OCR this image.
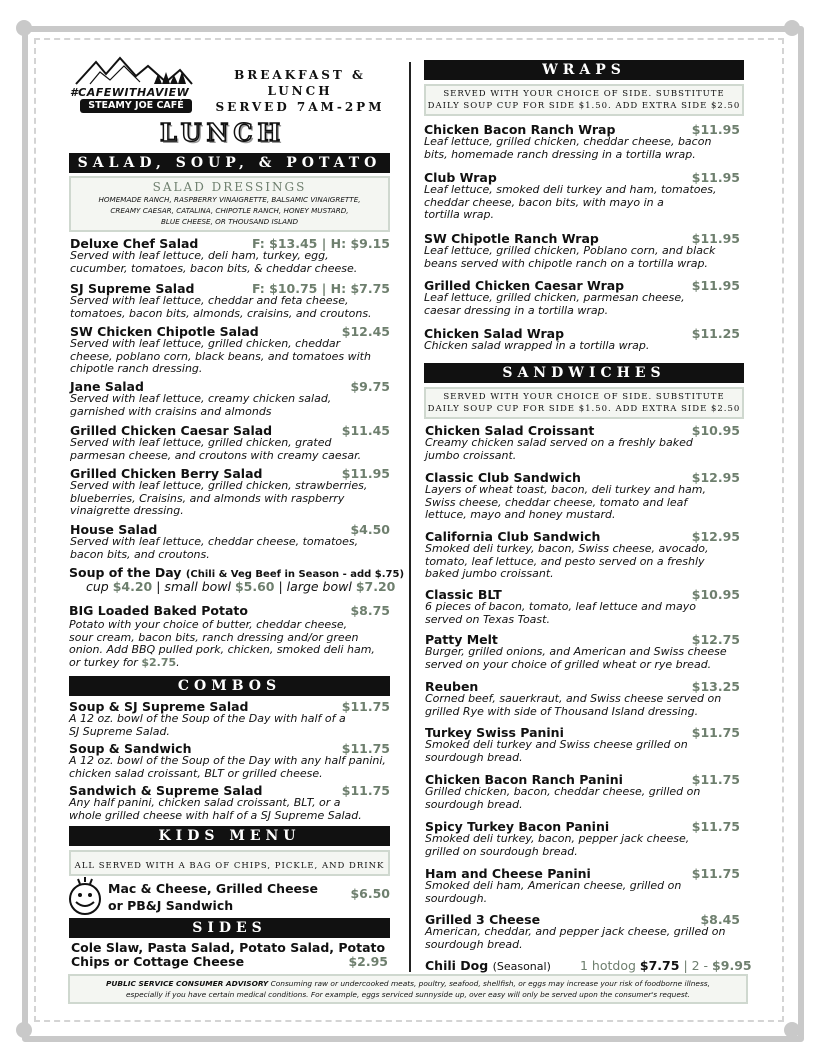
#CAFEWITHAVIEW
STEAMY JOE CAFÉ
BREAKFAST & LUNCH
SERVED 7AM-2PM
LUNCH
SALAD, SOUP, & POTATO
SALAD DRESSINGS
HOMEMADE RANCH, RASPBERRY VINAIGRETTE, BALSAMIC VINAIGRETTE,
CREAMY CAESAR, CATALINA, CHIPOTLE RANCH, HONEY MUSTARD,
BLUE CHEESE, OR THOUSAND ISLAND
Deluxe Chef Salad	F: $13.45 | H: $9.15
Served with leaf lettuce, deli ham, turkey, egg,
cucumber, tomatoes, bacon bits, & cheddar cheese.
SJ Supreme Salad	F: $10.75 | H: $7.75
Served with leaf lettuce, cheddar and feta cheese,
tomatoes, bacon bits, almonds, craisins, and croutons.
SW Chicken Chipotle Salad	$12.45
Served with leaf lettuce, grilled chicken, cheddar
cheese, poblano corn, black beans, and tomatoes with
chipotle ranch dressing.
Jane Salad	$9.75
Served with leaf lettuce, creamy chicken salad,
garnished with craisins and almonds
Grilled Chicken Caesar Salad	$11.45
Served with leaf lettuce, grilled chicken, grated
parmesan cheese, and croutons with creamy caesar.
Grilled Chicken Berry Salad	$11.95
Served with leaf lettuce, grilled chicken, strawberries,
blueberries, Craisins, and almonds with raspberry
vinaigrette dressing.
House Salad	$4.50
Served with leaf lettuce, cheddar cheese, tomatoes,
bacon bits, and croutons.
Soup of the Day (Chili & Veg Beef in Season - add $.75)
cup $4.20 | small bowl $5.60 | large bowl $7.20
BIG Loaded Baked Potato	$8.75
Potato with your choice of butter, cheddar cheese,
sour cream, bacon bits, ranch dressing and/or green
onion. Add BBQ pulled pork, chicken, smoked deli ham,
or turkey for $2.75.
COMBOS
Soup & SJ Supreme Salad	$11.75
A 12 oz. bowl of the Soup of the Day with half of a
SJ Supreme Salad.
Soup & Sandwich	$11.75
A 12 oz. bowl of the Soup of the Day with any half panini,
chicken salad croissant, BLT or grilled cheese.
Sandwich & Supreme Salad	$11.75
Any half panini, chicken salad croissant, BLT, or a
whole grilled cheese with half of a SJ Supreme Salad.
KIDS MENU
ALL SERVED WITH A BAG OF CHIPS, PICKLE, AND DRINK
Mac & Cheese, Grilled Cheese
or PB&J Sandwich
$6.50
SIDES
Cole Slaw, Pasta Salad, Potato Salad, Potato
Chips or Cottage Cheese	$2.95
WRAPS
SERVED WITH YOUR CHOICE OF SIDE. SUBSTITUTE
DAILY SOUP CUP FOR SIDE $1.50. ADD EXTRA SIDE $2.50
Chicken Bacon Ranch Wrap	$11.95
Leaf lettuce, grilled chicken, cheddar cheese, bacon
bits, homemade ranch dressing in a tortilla wrap.
Club Wrap	$11.95
Leaf lettuce, smoked deli turkey and ham, tomatoes,
cheddar cheese, bacon bits, with mayo in a
tortilla wrap.
SW Chipotle Ranch Wrap	$11.95
Leaf lettuce, grilled chicken, Poblano corn, and black
beans served with chipotle ranch on a tortilla wrap.
Grilled Chicken Caesar Wrap	$11.95
Leaf lettuce, grilled chicken, parmesan cheese,
caesar dressing in a tortilla wrap.
Chicken Salad Wrap	$11.25
Chicken salad wrapped in a tortilla wrap.
SANDWICHES
SERVED WITH YOUR CHOICE OF SIDE. SUBSTITUTE
DAILY SOUP CUP FOR SIDE $1.50. ADD EXTRA SIDE $2.50
Chicken Salad Croissant	$10.95
Creamy chicken salad served on a freshly baked
jumbo croissant.
Classic Club Sandwich	$12.95
Layers of wheat toast, bacon, deli turkey and ham,
Swiss cheese, cheddar cheese, tomato and leaf
lettuce, mayo and honey mustard.
California Club Sandwich	$12.95
Smoked deli turkey, bacon, Swiss cheese, avocado,
tomato, leaf lettuce, and pesto served on a freshly
baked jumbo croissant.
Classic BLT	$10.95
6 pieces of bacon, tomato, leaf lettuce and mayo
served on Texas Toast.
Patty Melt	$12.75
Burger, grilled onions, and American and Swiss cheese
served on your choice of grilled wheat or rye bread.
Reuben	$13.25
Corned beef, sauerkraut, and Swiss cheese served on
grilled Rye with side of Thousand Island dressing.
Turkey Swiss Panini	$11.75
Smoked deli turkey and Swiss cheese grilled on
sourdough bread.
Chicken Bacon Ranch Panini	$11.75
Grilled chicken, bacon, cheddar cheese, grilled on
sourdough bread.
Spicy Turkey Bacon Panini	$11.75
Smoked deli turkey, bacon, pepper jack cheese,
grilled on sourdough bread.
Ham and Cheese Panini	$11.75
Smoked deli ham, American cheese, grilled on
sourdough.
Grilled 3 Cheese	$8.45
American, cheddar, and pepper jack cheese, grilled on
sourdough bread.
Chili Dog (Seasonal) 1 hotdog $7.75 | 2 - $9.95
PUBLIC SERVICE CONSUMER ADVISORY Consuming raw or undercooked meats, poultry, seafood, shellfish, or eggs may increase your risk of foodborne illness,
especially if you have certain medical conditions. For example, eggs serviced sunnyside up, over easy will only be served upon the consumer's request.
